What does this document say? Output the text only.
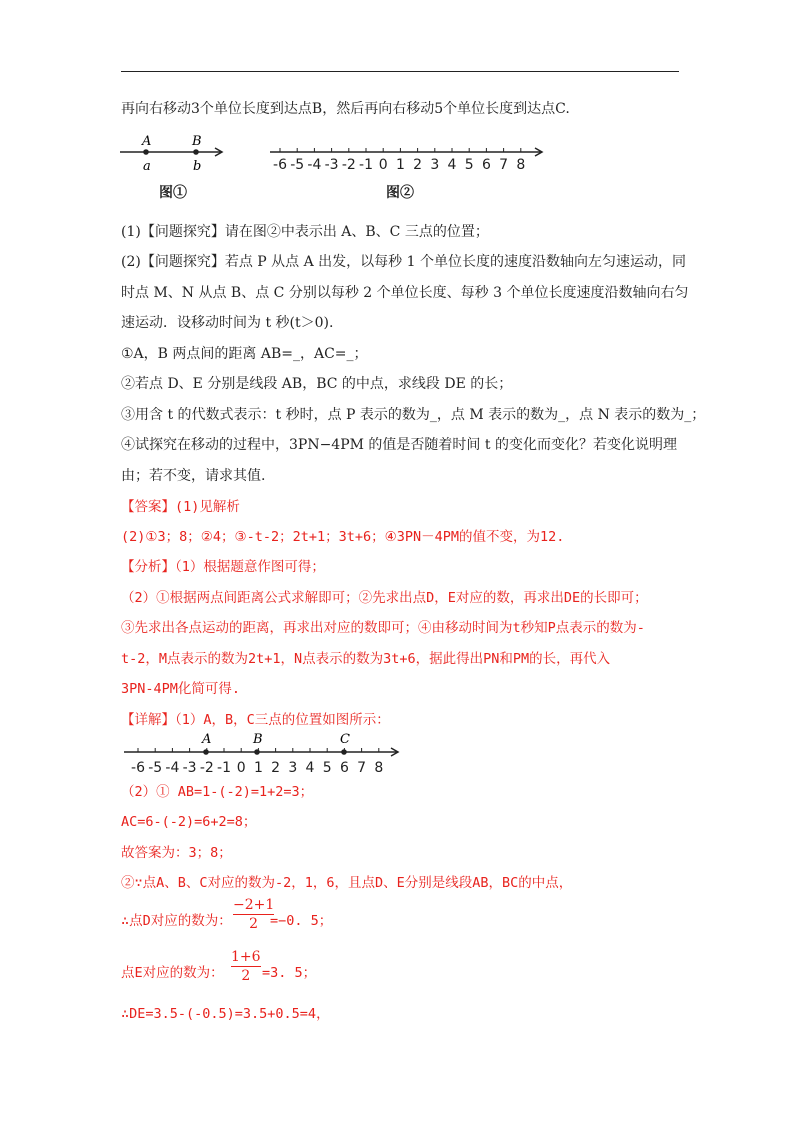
再向右移动3个单位长度到达点B，然后再向右移动5个单位长度到达点C.
A	B
a	b
图①
-6 -5 -4 -3 -2 -1 0 1 2 3 4 5 6 7 8
图②
(1)【问题探究】请在图②中表示出 A、B、C 三点的位置；
(2)【问题探究】若点 P 从点 A 出发，以每秒 1 个单位长度的速度沿数轴向左匀速运动，同
时点 M、N 从点 B、点 C 分别以每秒 2 个单位长度、每秒 3 个单位长度速度沿数轴向右匀
速运动．设移动时间为 t 秒(t＞0).
①A，B 两点间的距离 AB=_，AC=_；
②若点 D、E 分别是线段 AB，BC 的中点，求线段 DE 的长；
③用含 t 的代数式表示：t 秒时，点 P 表示的数为_，点 M 表示的数为_，点 N 表示的数为_；
④试探究在移动的过程中，3PN−4PM 的值是否随着时间 t 的变化而变化？若变化说明理
由；若不变，请求其值.
【答案】(1)见解析
(2)①3；8；②4；③-t-2；2t+1；3t+6；④3PN－4PM的值不变，为12.
【分析】（1）根据题意作图可得；
（2）①根据两点间距离公式求解即可；②先求出点D，E对应的数，再求出DE的长即可；
③先求出各点运动的距离，再求出对应的数即可；④由移动时间为t秒知P点表示的数为-
t-2，M点表示的数为2t+1，N点表示的数为3t+6，据此得出PN和PM的长，再代入
3PN-4PM化简可得.
【详解】（1）A，B，C三点的位置如图所示：
-6 -5 -4 -3 -2 -1 0 1 2 3 4 5 6 7 8
A	B	C
（2）① AB=1-(-2)=1+2=3；
AC=6-(-2)=6+2=8；
故答案为：3；8；
②∵点A、B、C对应的数为-2，1，6，且点D、E分别是线段AB，BC的中点，
∴点D对应的数为：
−2+1
2 =−0. 5；
点E对应的数为：
1+6
2 =3. 5；
∴DE=3.5-(-0.5)=3.5+0.5=4，
